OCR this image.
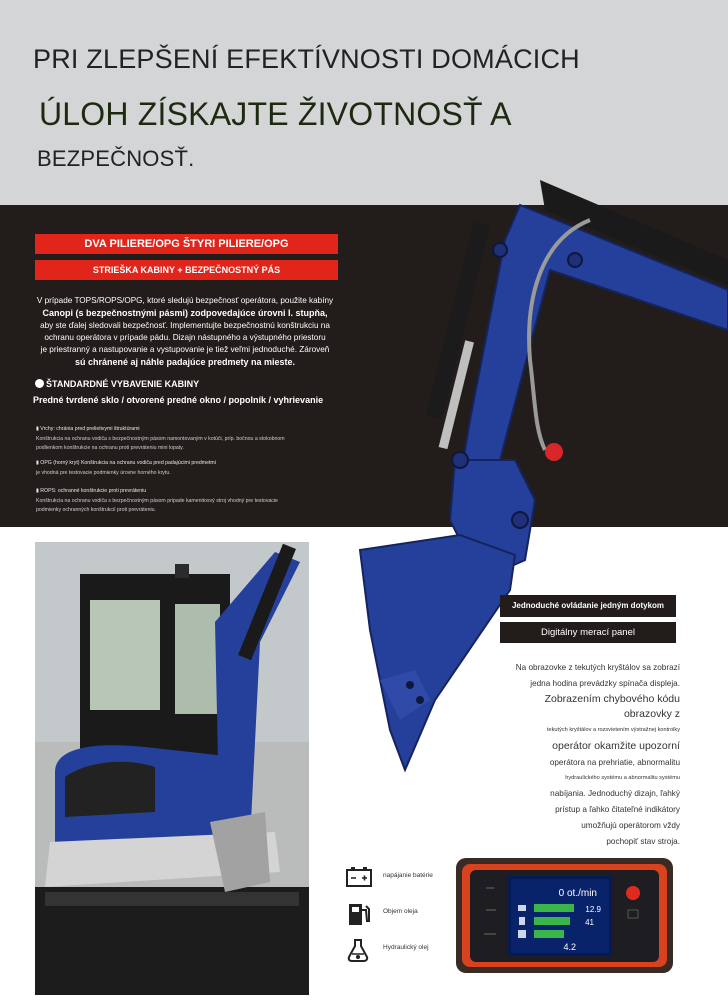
PRI ZLEPŠENÍ EFEKTÍVNOSTI DOMÁCICH
ÚLOH ZÍSKAJTE ŽIVOTNOSŤ A
BEZPEČNOSŤ.
DVA PILIERE/OPG ŠTYRI PILIERE/OPG
STRIEŠKA KABINY + BEZPEČNOSTNÝ PÁS
V prípade TOPS/ROPS/OPG, ktoré sledujú bezpečnosť operátora, použite kabíny
Canopi (s bezpečnostnými pásmi) zodpovedajúce úrovni I. stupňa,
aby ste ďalej sledovali bezpečnosť. Implementujte bezpečnostnú konštrukciu na
ochranu operátora v prípade pádu. Dizajn nástupného a výstupného priestoru
je priestranný a nastupovanie a vystupovanie je tiež veľmi jednoduché. Zároveň
sú chránené aj náhle padajúce predmety na mieste.
ŠTANDARDNÉ VYBAVENIE KABINY
Predné tvrdené sklo / otvorené predné okno / popolník / vyhrievanie
▮ Vrchy: chránia pred prelietivymi štruktúrami
Konštrukcia na ochranu vodiča s bezpečnostným pásom namontovaným v kotúči, príp. bočnou a stokobnom
podlienkom konštrukcie na ochranu proti prevráteniu mini lopaty.
▮ OPG (horný kryt) Konštrukcia na ochranu vodiča pred padajúcimi predmetmi
je vhodná pre testovacie podmienky úrovne horného krytu.
▮ ROPS: ochranné konštrukcie proti prevráteniu
Konštrukcia na ochranu vodiča s bezpečnostným pásom pripade kamenitosvý stroj vhodný pre testovacie
podmienky ochranných konštrukcií proti prevráteniu.
Jednoduché ovládanie jedným dotykom
Digitálny merací panel
Na obrazovke z tekutých kryštálov sa zobrazí
jedna hodina prevádzky spínača displeja.
Zobrazením chybového kódu obrazovky z
tekutých kryštálov a rozsvietením výstražnej kontrolky
operátor okamžite upozorní
operátora na prehriatie, abnormalitu
hydraulického systému a abnormalitu systému
nabíjania. Jednoduchý dizajn, ľahký
prístup a ľahko čitateľné indikátory
umožňujú operátorom vždy
pochopiť stav stroja.
napájanie batérie
Objem oleja
Hydraulický olej
0 ot./min
12.9
41
4.2
